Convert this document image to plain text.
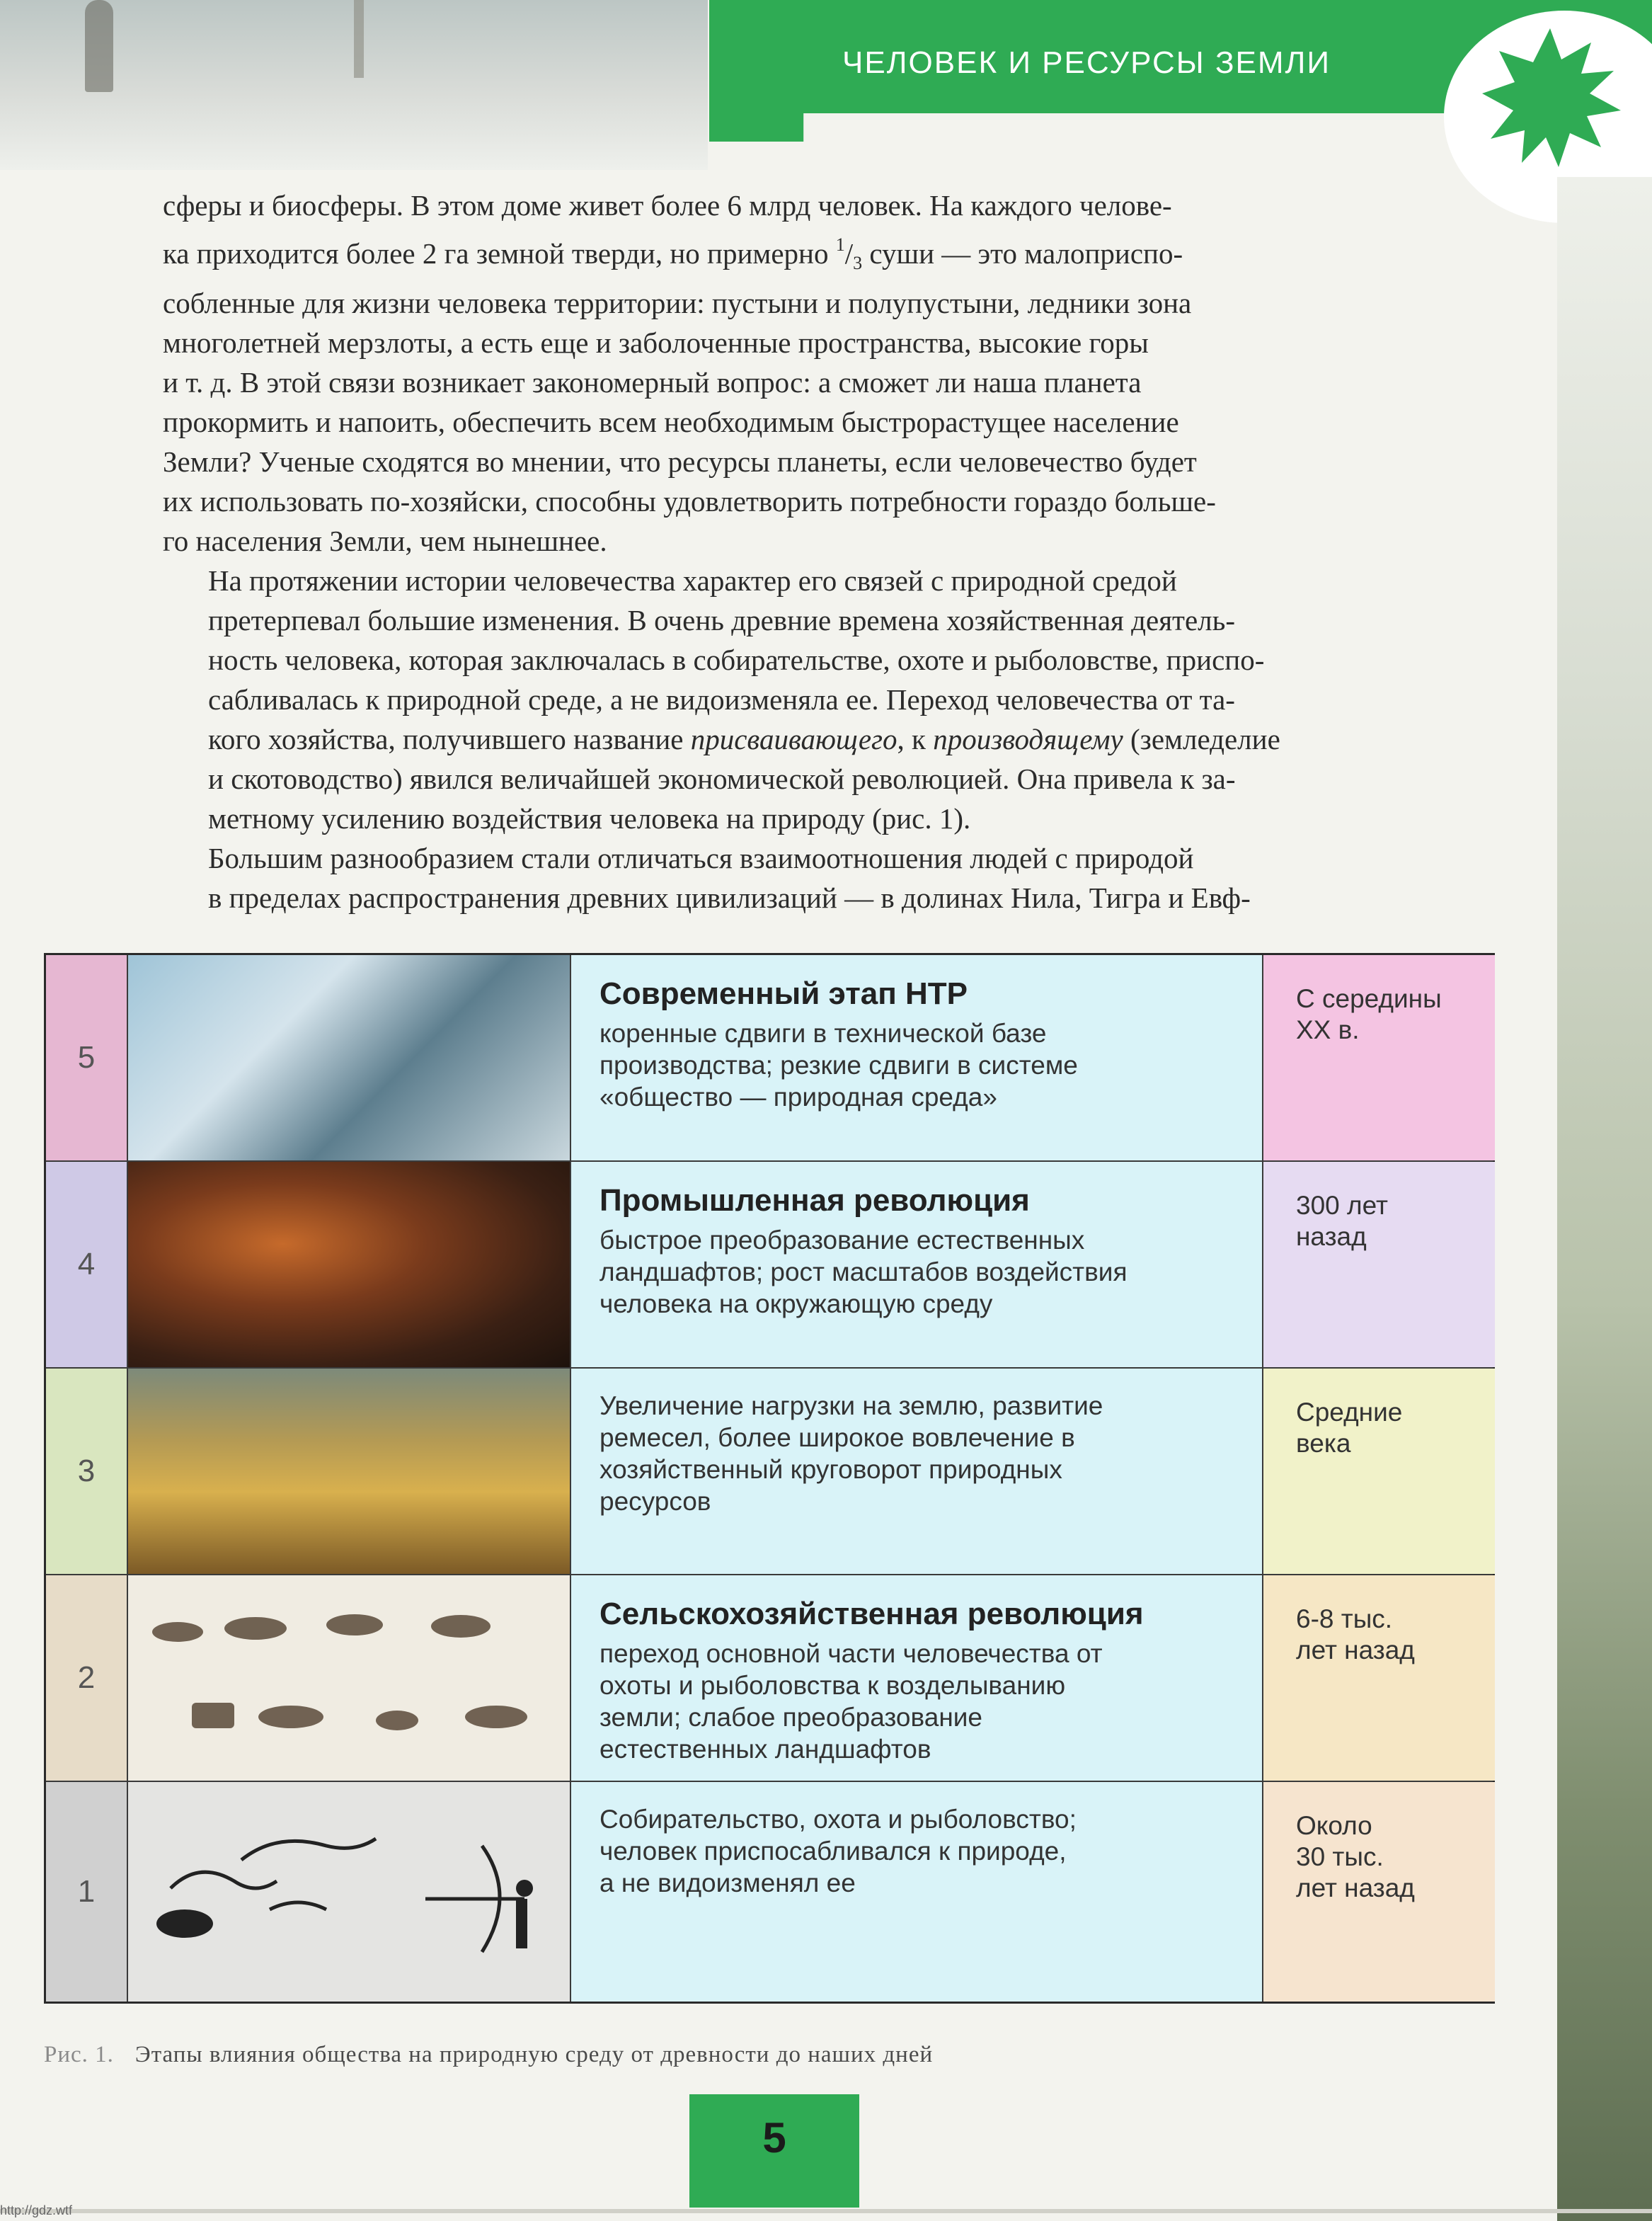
ЧЕЛОВЕК И РЕСУРСЫ ЗЕМЛИ

сферы и биосферы. В этом доме живет более 6 млрд человек. На каждого челове-
ка приходится более 2 га земной тверди, но примерно $^1/_3$ суши — это малоприспо-
собленные для жизни человека территории: пустыни и полупустыни, ледники зона
многолетней мерзлоты, а есть еще и заболоченные пространства, высокие горы
и т. д. В этой связи возникает закономерный вопрос: а сможет ли наша планета
прокормить и напоить, обеспечить всем необходимым быстрорастущее население
Земли? Ученые сходятся во мнении, что ресурсы планеты, если человечество будет
их использовать по-хозяйски, способны удовлетворить потребности гораздо больше-
го населения Земли, чем нынешнее.

На протяжении истории человечества характер его связей с природной средой
претерпевал большие изменения. В очень древние времена хозяйственная деятель-
ность человека, которая заключалась в собирательстве, охоте и рыболовстве, приспо-
сабливалась к природной среде, а не видоизменяла ее. Переход человечества от та-
кого хозяйства, получившего название присваивающего, к производящему (земледелие
и скотоводство) явился величайшей экономической революцией. Она привела к за-
метному усилению воздействия человека на природу (рис. 1).

Большим разнообразием стали отличаться взаимоотношения людей с природой
в пределах распространения древних цивилизаций — в долинах Нила, Тигра и Евф-

5
Современный этап НТР
коренные сдвиги в технической базе
производства; резкие сдвиги в системе
«общество — природная среда»
С середины
XX в.
4
Промышленная революция
быстрое преобразование естественных
ландшафтов; рост масштабов воздействия
человека на окружающую среду
300 лет
назад
3
Увеличение нагрузки на землю, развитие
ремесел, более широкое вовлечение в
хозяйственный круговорот природных
ресурсов
Средние
века
2
Сельскохозяйственная революция
переход основной части человечества от
охоты и рыболовства к возделыванию
земли; слабое преобразование
естественных ландшафтов
6-8 тыс.
лет назад
1
Собирательство, охота и рыболовство;
человек приспосабливался к природе,
а не видоизменял ее
Около
30 тыс.
лет назад
Рис. 1. Этапы влияния общества на природную среду от древности до наших дней
5
http://gdz.wtf
